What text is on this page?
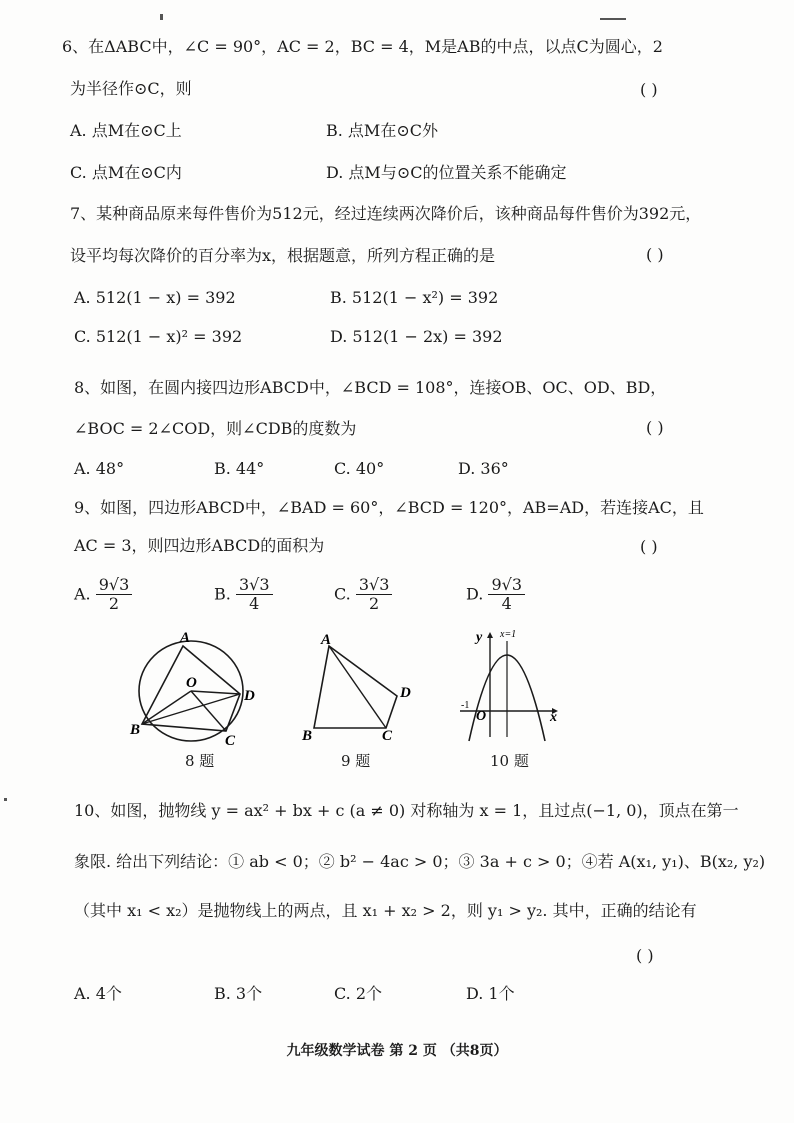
6、在ΔABC中，∠C = 90°，AC = 2，BC = 4，M是AB的中点，以点C为圆心，2
为半径作⊙C，则	( )
A. 点M在⊙C上	B. 点M在⊙C外
C. 点M在⊙C内	D. 点M与⊙C的位置关系不能确定
7、某种商品原来每件售价为512元，经过连续两次降价后，该种商品每件售价为392元，
设平均每次降价的百分率为x，根据题意，所列方程正确的是	( )
A. 512(1 − x) = 392	B. 512(1 − x²) = 392
C. 512(1 − x)² = 392	D. 512(1 − 2x) = 392
8、如图，在圆内接四边形ABCD中，∠BCD = 108°，连接OB、OC、OD、BD，
∠BOC = 2∠COD，则∠CDB的度数为	( )
A. 48°	B. 44°	C. 40°	D. 36°
9、如图，四边形ABCD中，∠BAD = 60°，∠BCD = 120°，AB=AD，若连接AC，且
AC = 3，则四边形ABCD的面积为	( )
A. $\frac{9√3}{2}$	B. $\frac{3√3}{4}$	C. $\frac{3√3}{2}$	D. $\frac{9√3}{4}$
A
O
D
B
C
8 题
A
D
B	C
9 题
y x=1
-1
O	x
10 题
10、如图，抛物线 y = ax² + bx + c (a ≠ 0) 对称轴为 x = 1，且过点(−1, 0)，顶点在第一
象限. 给出下列结论：① ab < 0；② b² − 4ac > 0；③ 3a + c > 0；④若 A(x₁, y₁)、B(x₂, y₂)
（其中 x₁ < x₂）是抛物线上的两点，且 x₁ + x₂ > 2，则 y₁ > y₂. 其中，正确的结论有
( )
A. 4个	B. 3个	C. 2个	D. 1个
九年级数学试卷 第 2 页 （共8页）
